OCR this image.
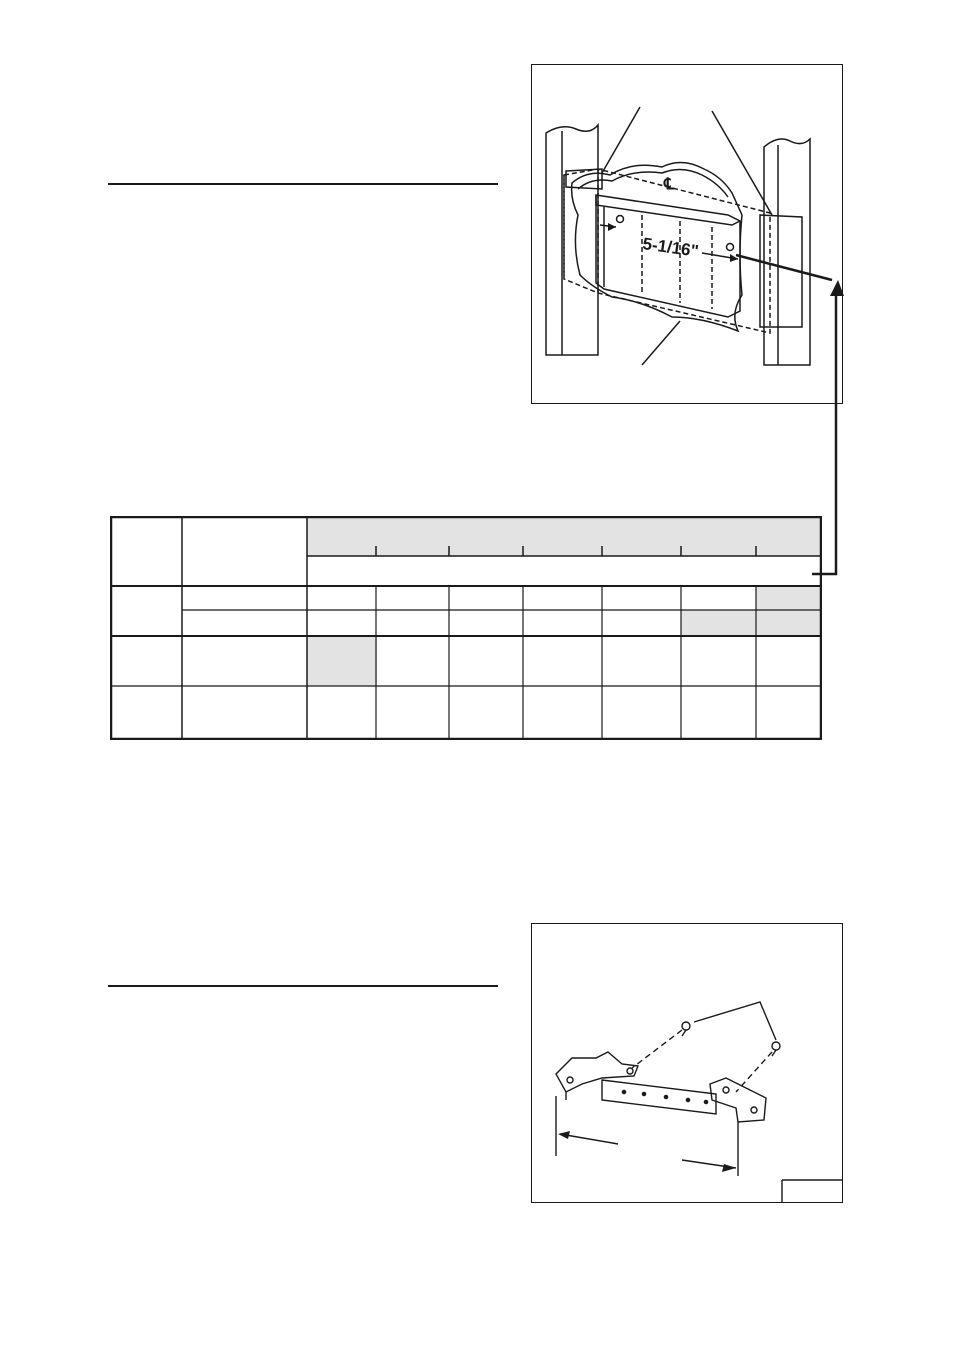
5-1/16"
℄
